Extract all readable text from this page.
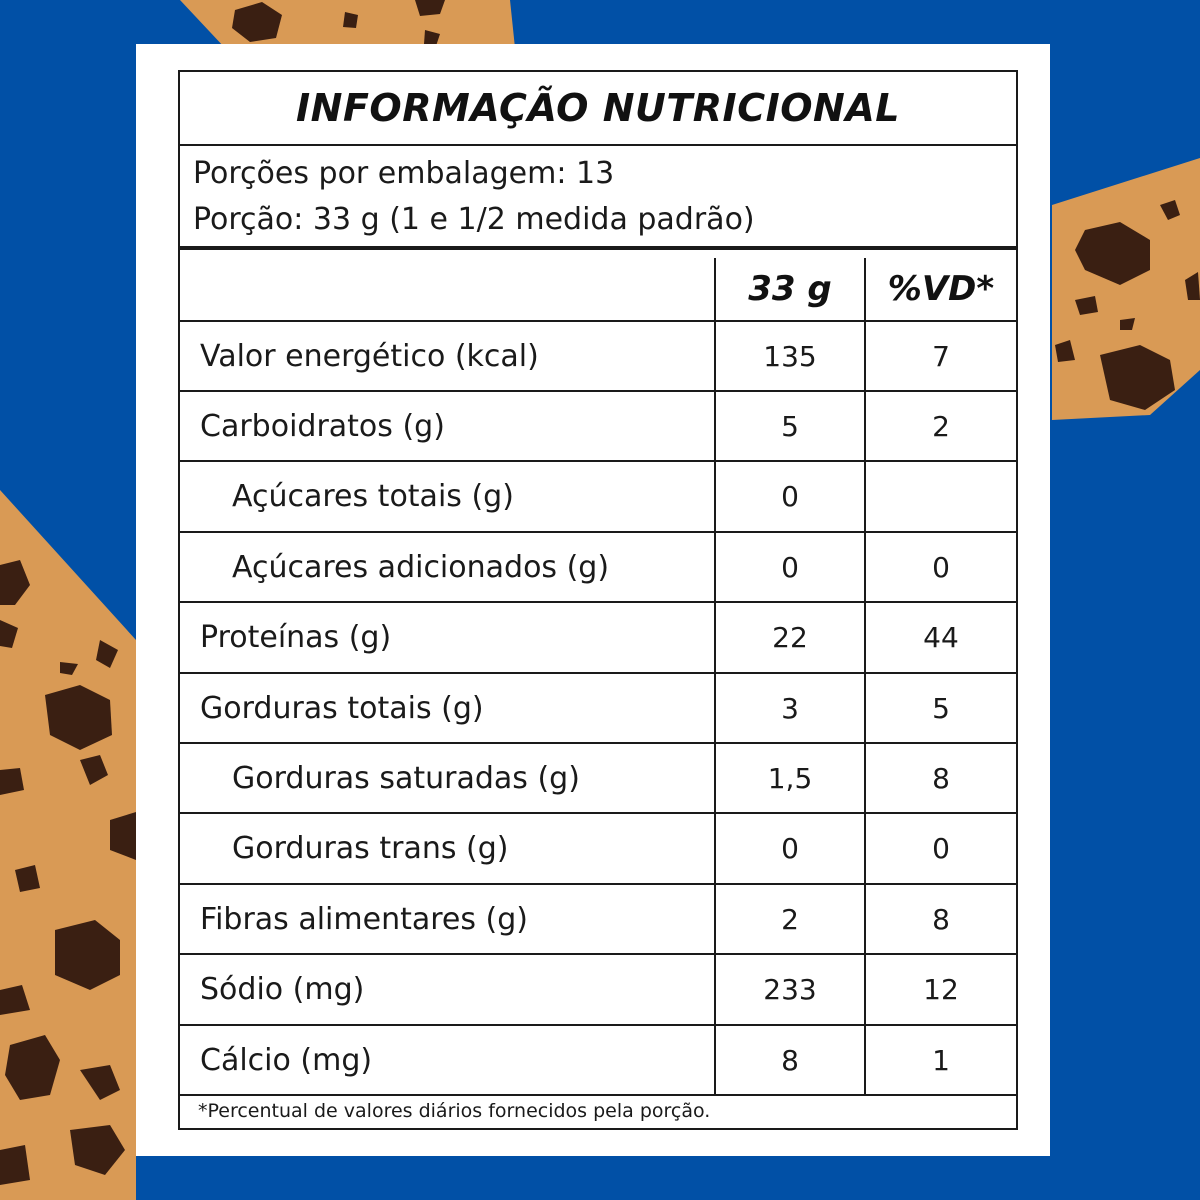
INFORMAÇÃO NUTRICIONAL
Porções por embalagem: 13
Porção: 33 g (1 e 1/2 medida padrão)
33 g	%VD*
Valor energético (kcal)	135	7
Carboidratos (g)	5	2
Açúcares totais (g)	0
Açúcares adicionados (g)	0	0
Proteínas (g)	22	44
Gorduras totais (g)	3	5
Gorduras saturadas (g)	1,5	8
Gorduras trans (g)	0	0
Fibras alimentares (g)	2	8
Sódio (mg)	233	12
Cálcio (mg)	8	1
*Percentual de valores diários fornecidos pela porção.
